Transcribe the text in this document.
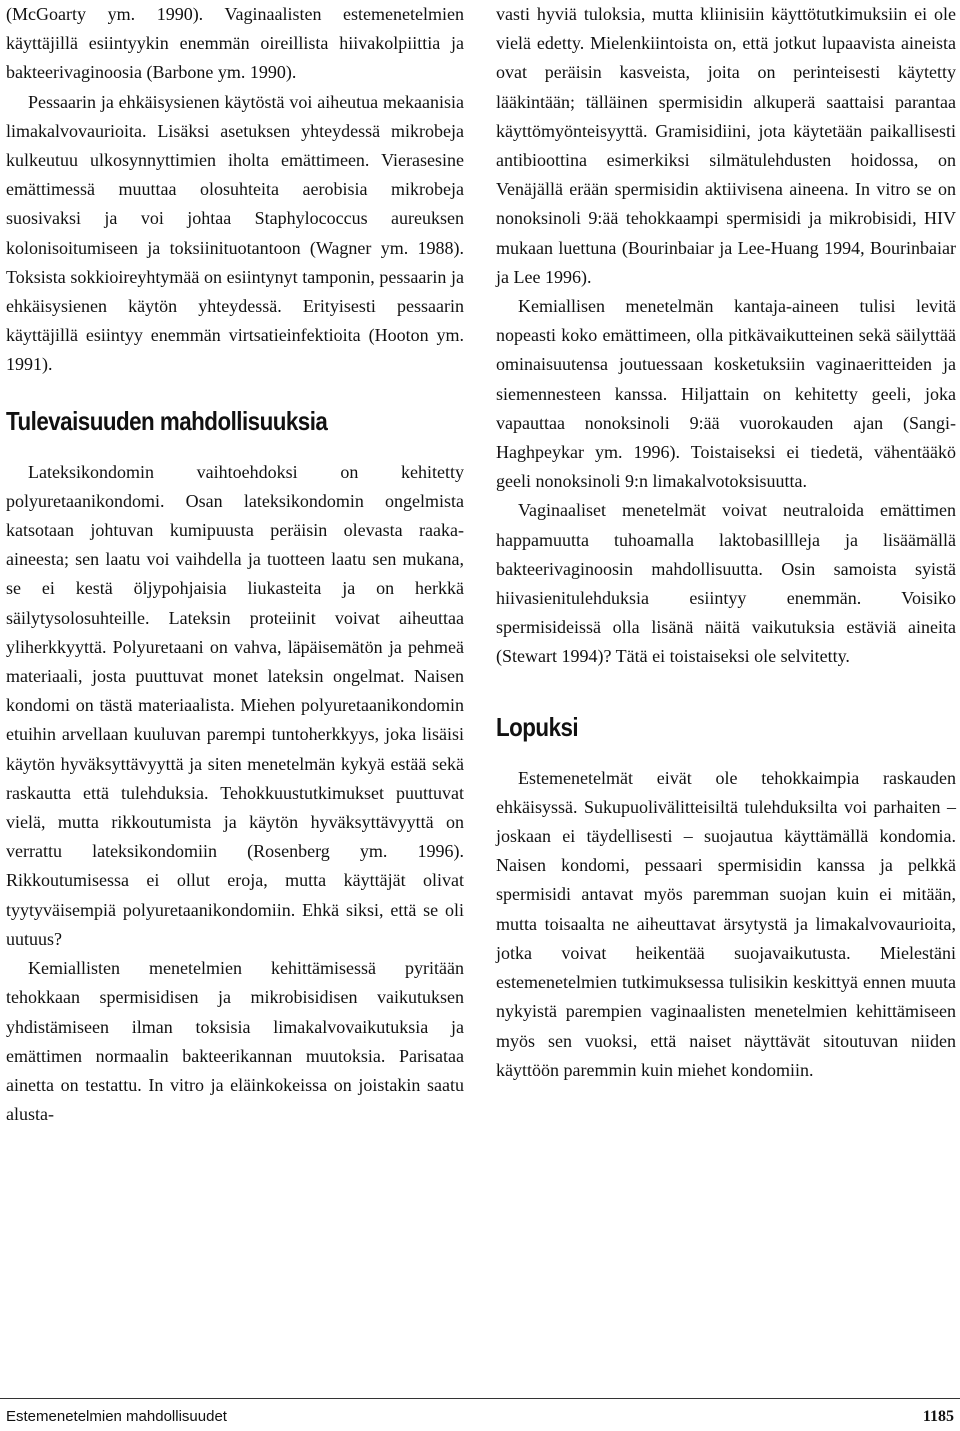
(McGoarty ym. 1990). Vaginaalisten estemenetelmien käyttäjillä esiintyykin enemmän oireillista hiivakolpiittia ja bakteerivaginoosia (Barbone ym. 1990).

Pessaarin ja ehkäisysienen käytöstä voi aiheutua mekaanisia limakalvovaurioita. Lisäksi asetuksen yhteydessä mikrobeja kulkeutuu ulkosynnyttimien iholta emättimeen. Vierasesine emättimessä muuttaa olosuhteita aerobisia mikrobeja suosivaksi ja voi johtaa Staphylococcus aureuksen kolonisoitumiseen ja toksiinituotantoon (Wagner ym. 1988). Toksista sokkioireyhtymää on esiintynyt tamponin, pessaarin ja ehkäisysienen käytön yhteydessä. Erityisesti pessaarin käyttäjillä esiintyy enemmän virtsatieinfektioita (Hooton ym. 1991).

Tulevaisuuden mahdollisuuksia

Lateksikondomin vaihtoehdoksi on kehitetty polyuretaanikondomi. Osan lateksikondomin ongelmista katsotaan johtuvan kumipuusta peräisin olevasta raaka-aineesta; sen laatu voi vaihdella ja tuotteen laatu sen mukana, se ei kestä öljypohjaisia liukasteita ja on herkkä säilytysolosuhteille. Lateksin proteiinit voivat aiheuttaa yliherkkyyttä. Polyuretaani on vahva, läpäisemätön ja pehmeä materiaali, josta puuttuvat monet lateksin ongelmat. Naisen kondomi on tästä materiaalista. Miehen polyuretaanikondomin etuihin arvellaan kuuluvan parempi tuntoherkkyys, joka lisäisi käytön hyväksyttävyyttä ja siten menetelmän kykyä estää sekä raskautta että tulehduksia. Tehokkuustutkimukset puuttuvat vielä, mutta rikkoutumista ja käytön hyväksyttävyyttä on verrattu lateksikondomiin (Rosenberg ym. 1996). Rikkoutumisessa ei ollut eroja, mutta käyttäjät olivat tyytyväisempiä polyuretaanikondomiin. Ehkä siksi, että se oli uutuus?

Kemiallisten menetelmien kehittämisessä pyritään tehokkaan spermisidisen ja mikrobisidisen vaikutuksen yhdistämiseen ilman toksisia limakalvovaikutuksia ja emättimen normaalin bakteerikannan muutoksia. Parisataa ainetta on testattu. In vitro ja eläinkokeissa on joistakin saatu alusta-

vasti hyviä tuloksia, mutta kliinisiin käyttötutkimuksiin ei ole vielä edetty. Mielenkiintoista on, että jotkut lupaavista aineista ovat peräisin kasveista, joita on perinteisesti käytetty lääkintään; tälläinen spermisidin alkuperä saattaisi parantaa käyttömyönteisyyttä. Gramisidiini, jota käytetään paikallisesti antibioottina esimerkiksi silmätulehdusten hoidossa, on Venäjällä erään spermisidin aktiivisena aineena. In vitro se on nonoksinoli 9:ää tehokkaampi spermisidi ja mikrobisidi, HIV mukaan luettuna (Bourinbaiar ja Lee-Huang 1994, Bourinbaiar ja Lee 1996).

Kemiallisen menetelmän kantaja-aineen tulisi levitä nopeasti koko emättimeen, olla pitkävaikutteinen sekä säilyttää ominaisuutensa joutuessaan kosketuksiin vaginaeritteiden ja siemennesteen kanssa. Hiljattain on kehitetty geeli, joka vapauttaa nonoksinoli 9:ää vuorokauden ajan (Sangi-Haghpeykar ym. 1996). Toistaiseksi ei tiedetä, vähentääkö geeli nonoksinoli 9:n limakalvotoksisuutta.

Vaginaaliset menetelmät voivat neutraloida emättimen happamuutta tuhoamalla laktobasillleja ja lisäämällä bakteerivaginoosin mahdollisuutta. Osin samoista syistä hiivasienitulehduksia esiintyy enemmän. Voisiko spermisideissä olla lisänä näitä vaikutuksia estäviä aineita (Stewart 1994)? Tätä ei toistaiseksi ole selvitetty.

Lopuksi

Estemenetelmät eivät ole tehokkaimpia raskauden ehkäisyssä. Sukupuolivälitteisiltä tulehduksilta voi parhaiten – joskaan ei täydellisesti – suojautua käyttämällä kondomia. Naisen kondomi, pessaari spermisidin kanssa ja pelkkä spermisidi antavat myös paremman suojan kuin ei mitään, mutta toisaalta ne aiheuttavat ärsytystä ja limakalvovaurioita, jotka voivat heikentää suojavaikutusta. Mielestäni estemenetelmien tutkimuksessa tulisikin keskittyä ennen muuta nykyistä parempien vaginaalisten menetelmien kehittämiseen myös sen vuoksi, että naiset näyttävät sitoutuvan niiden käyttöön paremmin kuin miehet kondomiin.

Estemenetelmien mahdollisuudet	1185
